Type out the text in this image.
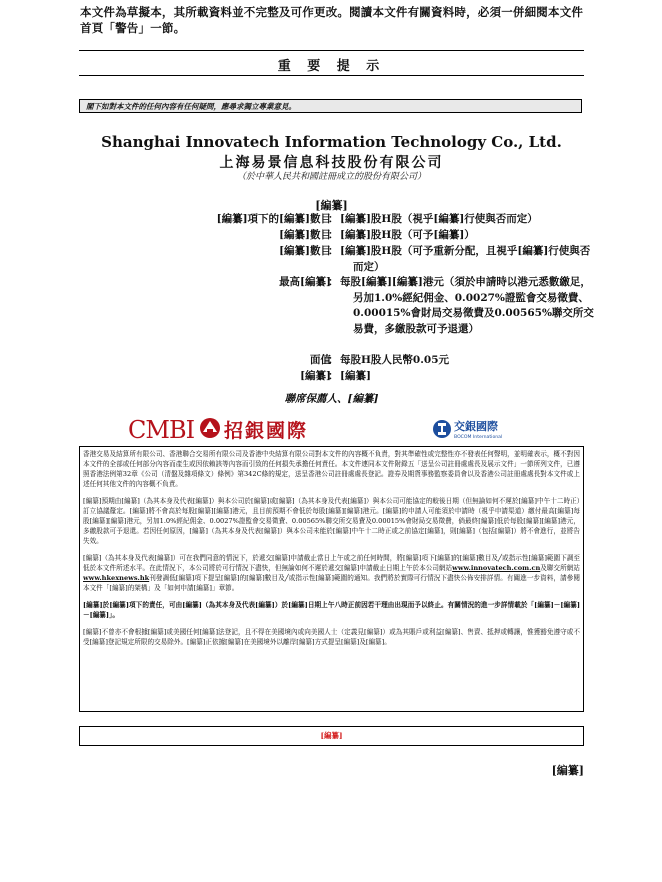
本文件為草擬本，其所載資料並不完整及可作更改。閱讀本文件有關資料時，必須一併細閱本文件首頁「警告」一節。
重 要 提 示
閣下如對本文件的任何內容有任何疑問，應尋求獨立專業意見。
Shanghai Innovatech Information Technology Co., Ltd.
上海易景信息科技股份有限公司
（於中華人民共和國註冊成立的股份有限公司）
[編纂]
[編纂]項下的[編纂]數目
： [編纂]股H股（視乎[編纂]行使與否而定）
[編纂]數目
： [編纂]股H股（可予[編纂]）
[編纂]數目
： [編纂]股H股（可予重新分配，且視乎[編纂]行使與否而定）
最高[編纂]
： 每股[編纂][編纂]港元（須於申請時以港元悉數繳足，另加1.0%經紀佣金、0.0027%證監會交易徵費、0.00015%會財局交易徵費及0.00565%聯交所交易費，多繳股款可予退還）
面值
： 每股H股人民幣0.05元
[編纂]
： [編纂]
聯席保薦人、[編纂]
CMBI 招銀國際	交銀國際
BOCOM International

香港交易及結算所有限公司、香港聯合交易所有限公司及香港中央結算有限公司對本文件的內容概不負責，對其準確性或完整性亦不發表任何聲明，並明確表示，概不對因本文件的全部或任何部分內容而產生或因依賴該等內容而引致的任何損失承擔任何責任。本文件連同本文件附錄五「送呈公司註冊處處長及展示文件」一節所列文件，已遵照香港法例第32章《公司（清盤及雜項條文）條例》第342C條的規定，送呈香港公司註冊處處長登記。證券及期貨事務監察委員會以及香港公司註冊處處長對本文件或上述任何其他文件的內容概不負責。

[編纂]預期由[編纂]（為其本身及代表[編纂]）與本公司於[編纂]或[編纂]（為其本身及代表[編纂]）與本公司可能協定的較後日期（但無論如何不遲於[編纂]中午十二時正）訂立協議釐定。[編纂]將不會高於每股[編纂][編纂]港元，且目前預期不會低於每股[編纂][編纂]港元。[編纂]的申請人可能須於申請時（視乎申請渠道）繳付最高[編纂]每股[編纂][編纂]港元，另加1.0%經紀佣金、0.0027%證監會交易徵費、0.00565%聯交所交易費及0.00015%會財局交易徵費，倘最終[編纂]低於每股[編纂][編纂]港元，多繳股款可予退還。若因任何原因，[編纂]（為其本身及代表[編纂]）與本公司未能於[編纂]中午十二時正或之前協定[編纂]，則[編纂]（包括[編纂]）將不會進行，並將告失效。

[編纂]（為其本身及代表[編纂]）可在我們同意的情況下，於遞交[編纂]申請截止當日上午或之前任何時間，將[編纂]項下[編纂]的[編纂]數目及╱或指示性[編纂]範圍下調至低於本文件所述水平。在此情況下，本公司將於可行情況下盡快，但無論如何不遲於遞交[編纂]申請截止日期上午於本公司網站www.innovatech.com.cn及聯交所網站www.hkexnews.hk刊發調低[編纂]項下提呈[編纂]的[編纂]數目及╱或指示性[編纂]範圍的通知。我們將於實際可行情況下盡快公佈安排詳情。有關進一步資料，請參閱本文件「[編纂]的架構」及「如何申請[編纂]」章節。

[編纂]於[編纂]項下的責任，可由[編纂]（為其本身及代表[編纂]）於[編纂]日期上午八時正前因若干理由出現而予以終止。有關情況的進一步詳情載於「[編纂]－[編纂]－[編纂]」。

[編纂]不曾亦不會根據[編纂]或美國任何[編纂]法登記，且不得在美國境內或向美國人士（定義見[編纂]）或為其賬戶或利益[編纂]、售賣、抵押或轉讓，惟獲豁免遵守或不受[編纂]登記規定所限的交易除外。[編纂]正依據[編纂]在美國境外以離岸[編纂]方式提呈[編纂]及[編纂]。

[編纂]
[編纂]
